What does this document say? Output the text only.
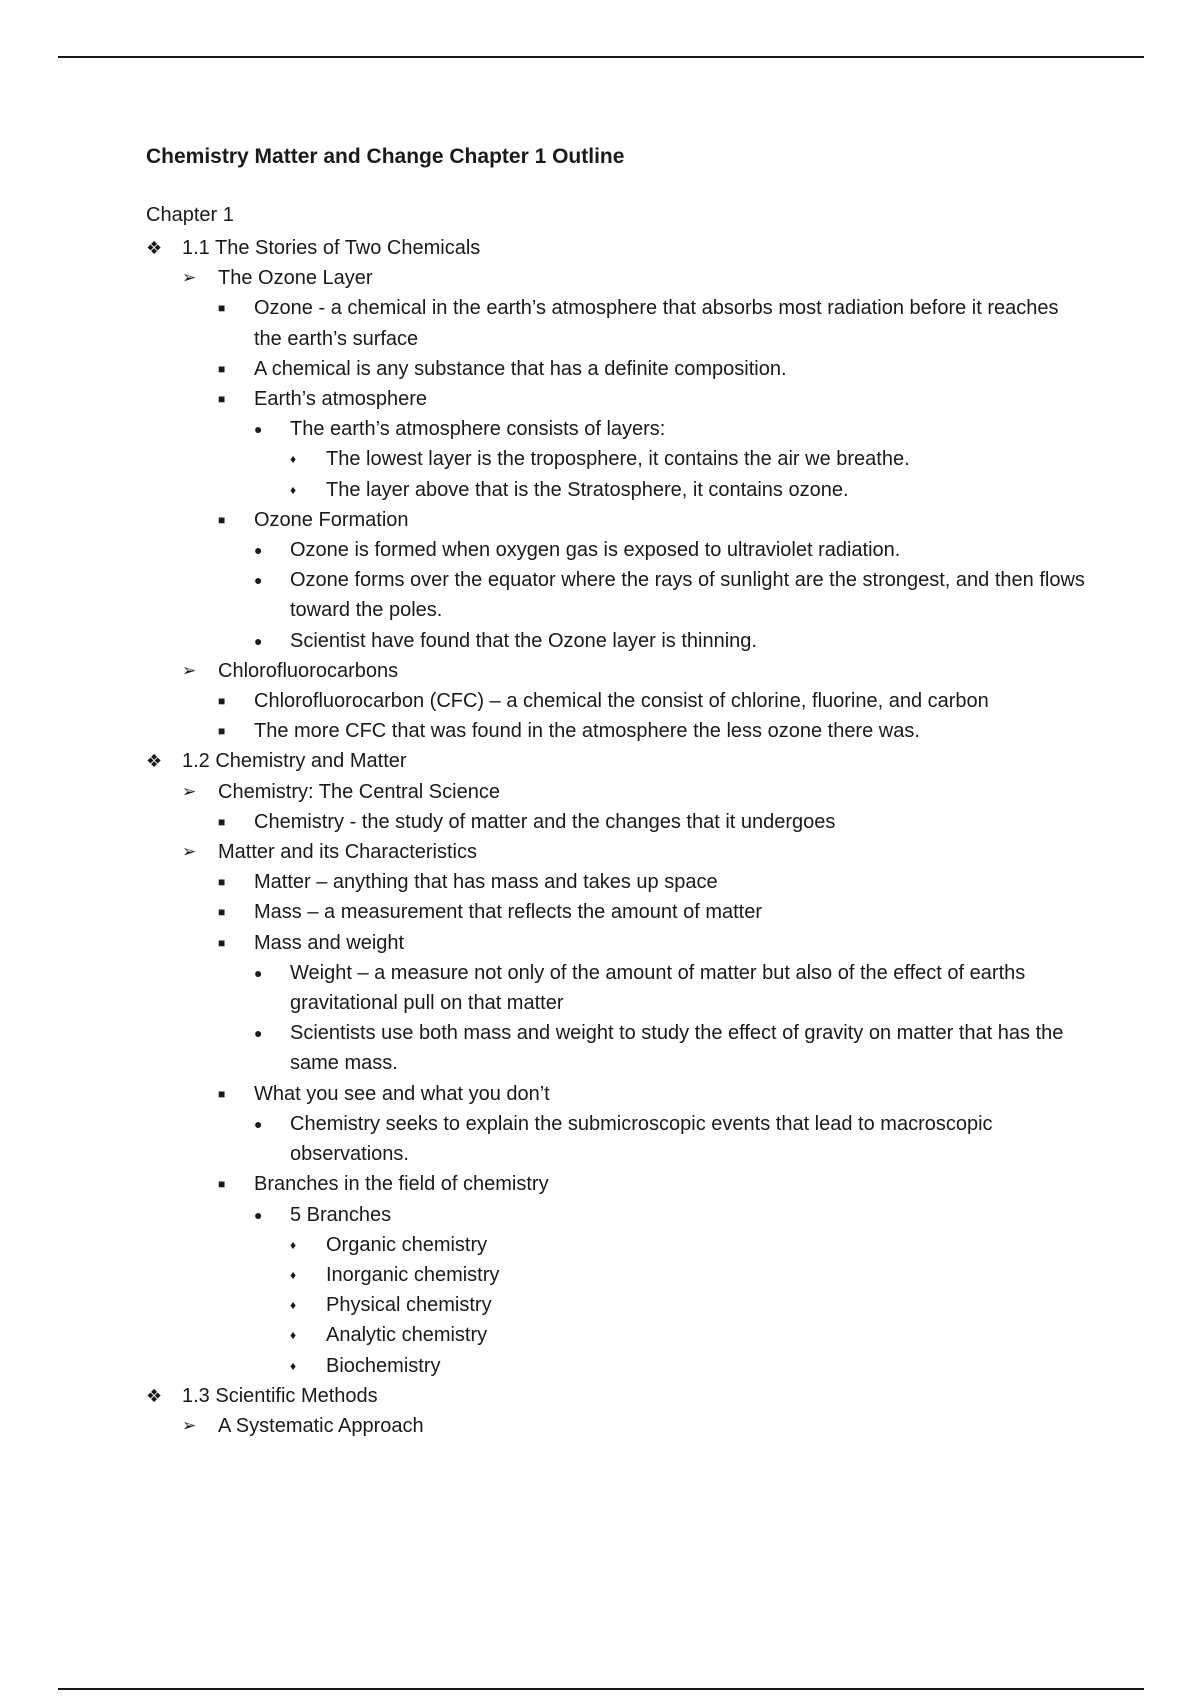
Chemistry Matter and Change Chapter 1 Outline

Chapter 1

❖ 1.1 The Stories of Two Chemicals
➢	The Ozone Layer
■	Ozone - a chemical in the earth’s atmosphere that absorbs most radiation before it reaches the earth’s surface
■	A chemical is any substance that has a definite composition.
■	Earth’s atmosphere
●	The earth’s atmosphere consists of layers:
♦	The lowest layer is the troposphere, it contains the air we breathe.
♦	The layer above that is the Stratosphere, it contains ozone.
■	Ozone Formation
●	Ozone is formed when oxygen gas is exposed to ultraviolet radiation.
●	Ozone forms over the equator where the rays of sunlight are the strongest, and then flows toward the poles.
●	Scientist have found that the Ozone layer is thinning.
➢	Chlorofluorocarbons
■	Chlorofluorocarbon (CFC) – a chemical the consist of chlorine, fluorine, and carbon
■	The more CFC that was found in the atmosphere the less ozone there was.
❖ 1.2 Chemistry and Matter
➢	Chemistry: The Central Science
■	Chemistry - the study of matter and the changes that it undergoes
➢	Matter and its Characteristics
■	Matter – anything that has mass and takes up space
■	Mass – a measurement that reflects the amount of matter
■	Mass and weight
●	Weight – a measure not only of the amount of matter but also of the effect of earths gravitational pull on that matter
●	Scientists use both mass and weight to study the effect of gravity on matter that has the same mass.
■	What you see and what you don’t
●	Chemistry seeks to explain the submicroscopic events that lead to macroscopic observations.
■	Branches in the field of chemistry
●	5 Branches
♦	Organic chemistry
♦	Inorganic chemistry
♦	Physical chemistry
♦	Analytic chemistry
♦	Biochemistry
❖ 1.3 Scientific Methods
➢	A Systematic Approach
